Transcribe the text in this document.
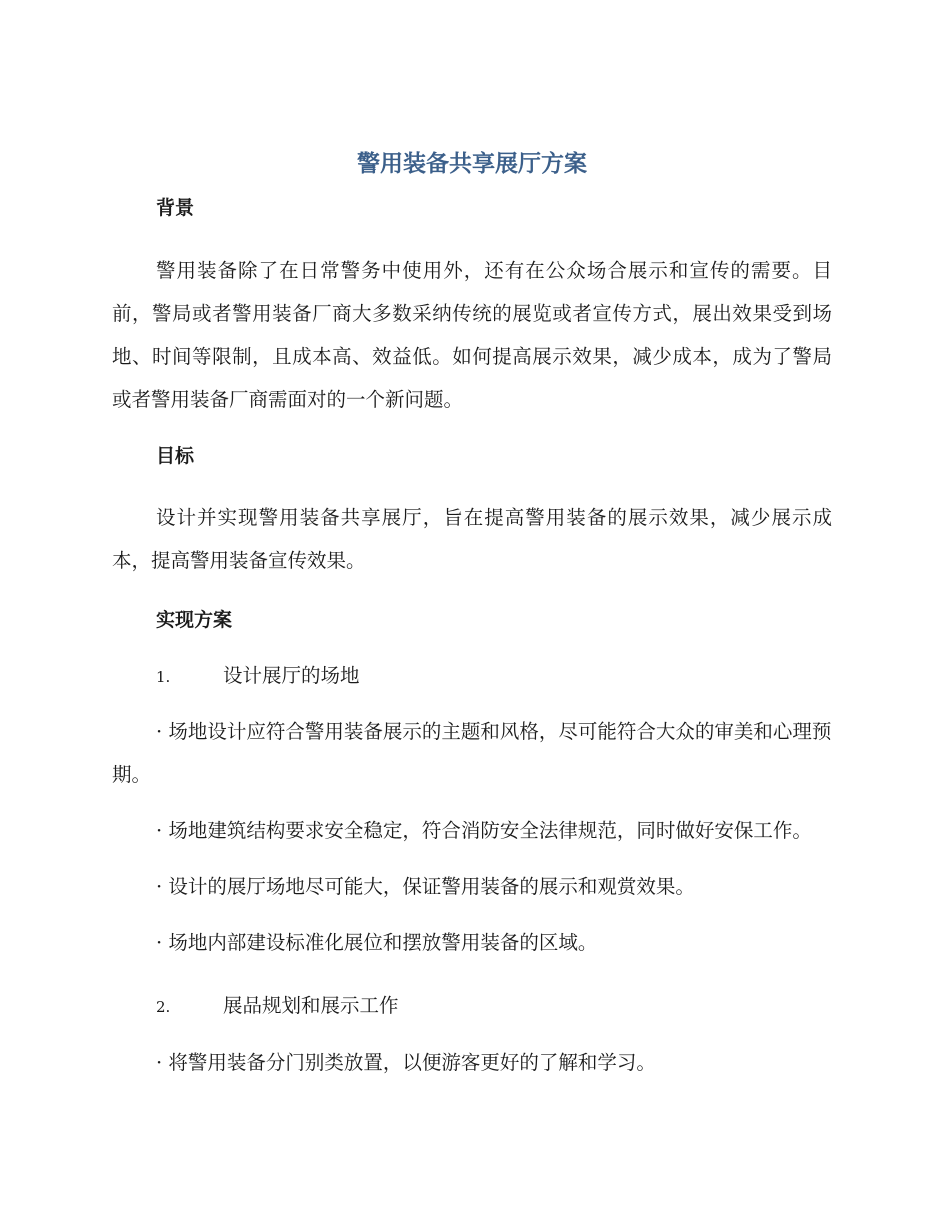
警用装备共享展厅方案
背景

警用装备除了在日常警务中使用外，还有在公众场合展示和宣传的需要。目前，警局或者警用装备厂商大多数采纳传统的展览或者宣传方式，展出效果受到场地、时间等限制，且成本高、效益低。如何提高展示效果，减少成本，成为了警局或者警用装备厂商需面对的一个新问题。

目标

设计并实现警用装备共享展厅，旨在提高警用装备的展示效果，减少展示成本，提高警用装备宣传效果。

实现方案
1.	设计展厅的场地

· 场地设计应符合警用装备展示的主题和风格，尽可能符合大众的审美和心理预期。

· 场地建筑结构要求安全稳定，符合消防安全法律规范，同时做好安保工作。

· 设计的展厅场地尽可能大，保证警用装备的展示和观赏效果。

· 场地内部建设标准化展位和摆放警用装备的区域。

2.	展品规划和展示工作

· 将警用装备分门别类放置，以便游客更好的了解和学习。
